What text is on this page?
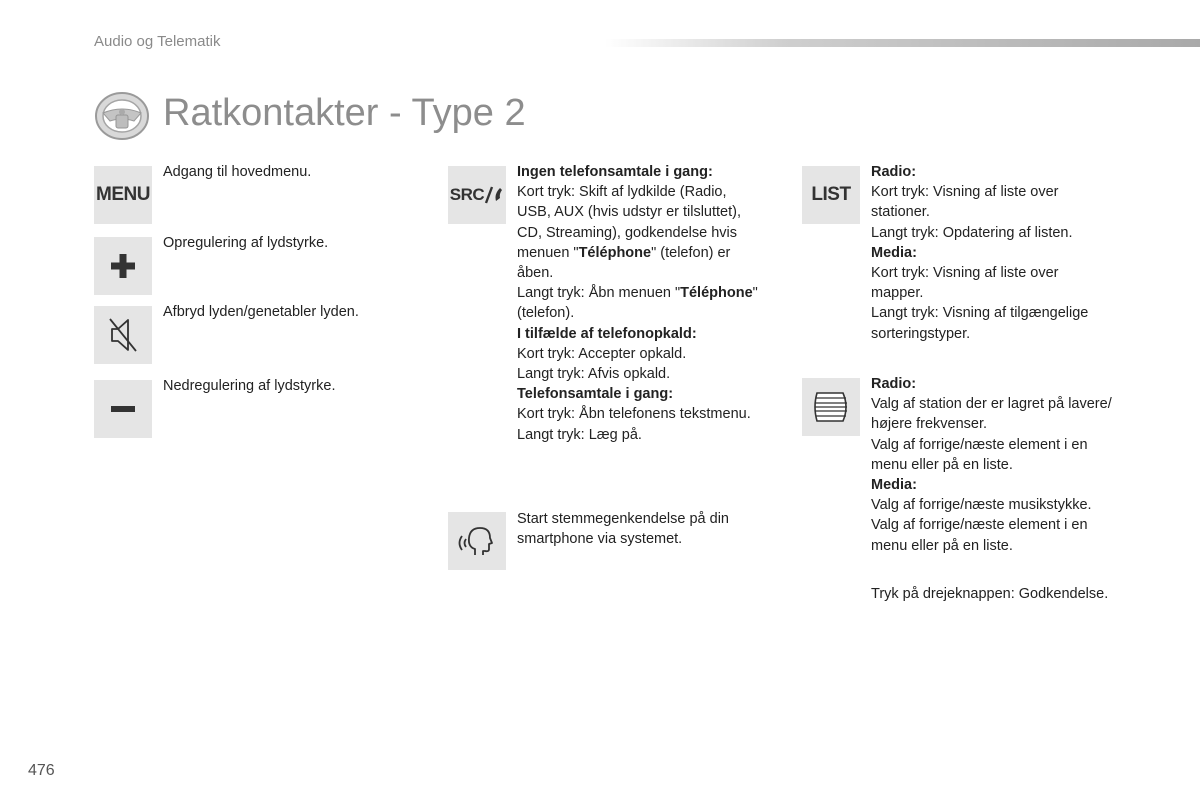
Audio og Telematik
Ratkontakter - Type 2
MENU

Adgang til hovedmenu.

Opregulering af lydstyrke.

Afbryd lyden/genetabler lyden.

Nedregulering af lydstyrke.

SRC

Ingen telefonsamtale i gang:
Kort tryk: Skift af lydkilde (Radio,
USB, AUX (hvis udstyr er tilsluttet),
CD, Streaming), godkendelse hvis
menuen "Téléphone" (telefon) er
åben.
Langt tryk: Åbn menuen "Téléphone"
(telefon).
I tilfælde af telefonopkald:
Kort tryk: Accepter opkald.
Langt tryk: Afvis opkald.
Telefonsamtale i gang:
Kort tryk: Åbn telefonens tekstmenu.
Langt tryk: Læg på.

Start stemmegenkendelse på din
smartphone via systemet.

LIST

Radio:
Kort tryk: Visning af liste over
stationer.
Langt tryk: Opdatering af listen.
Media:
Kort tryk: Visning af liste over
mapper.
Langt tryk: Visning af tilgængelige
sorteringstyper.

Radio:
Valg af station der er lagret på lavere/
højere frekvenser.
Valg af forrige/næste element i en
menu eller på en liste.
Media:
Valg af forrige/næste musikstykke.
Valg af forrige/næste element i en
menu eller på en liste.

Tryk på drejeknappen: Godkendelse.

476
